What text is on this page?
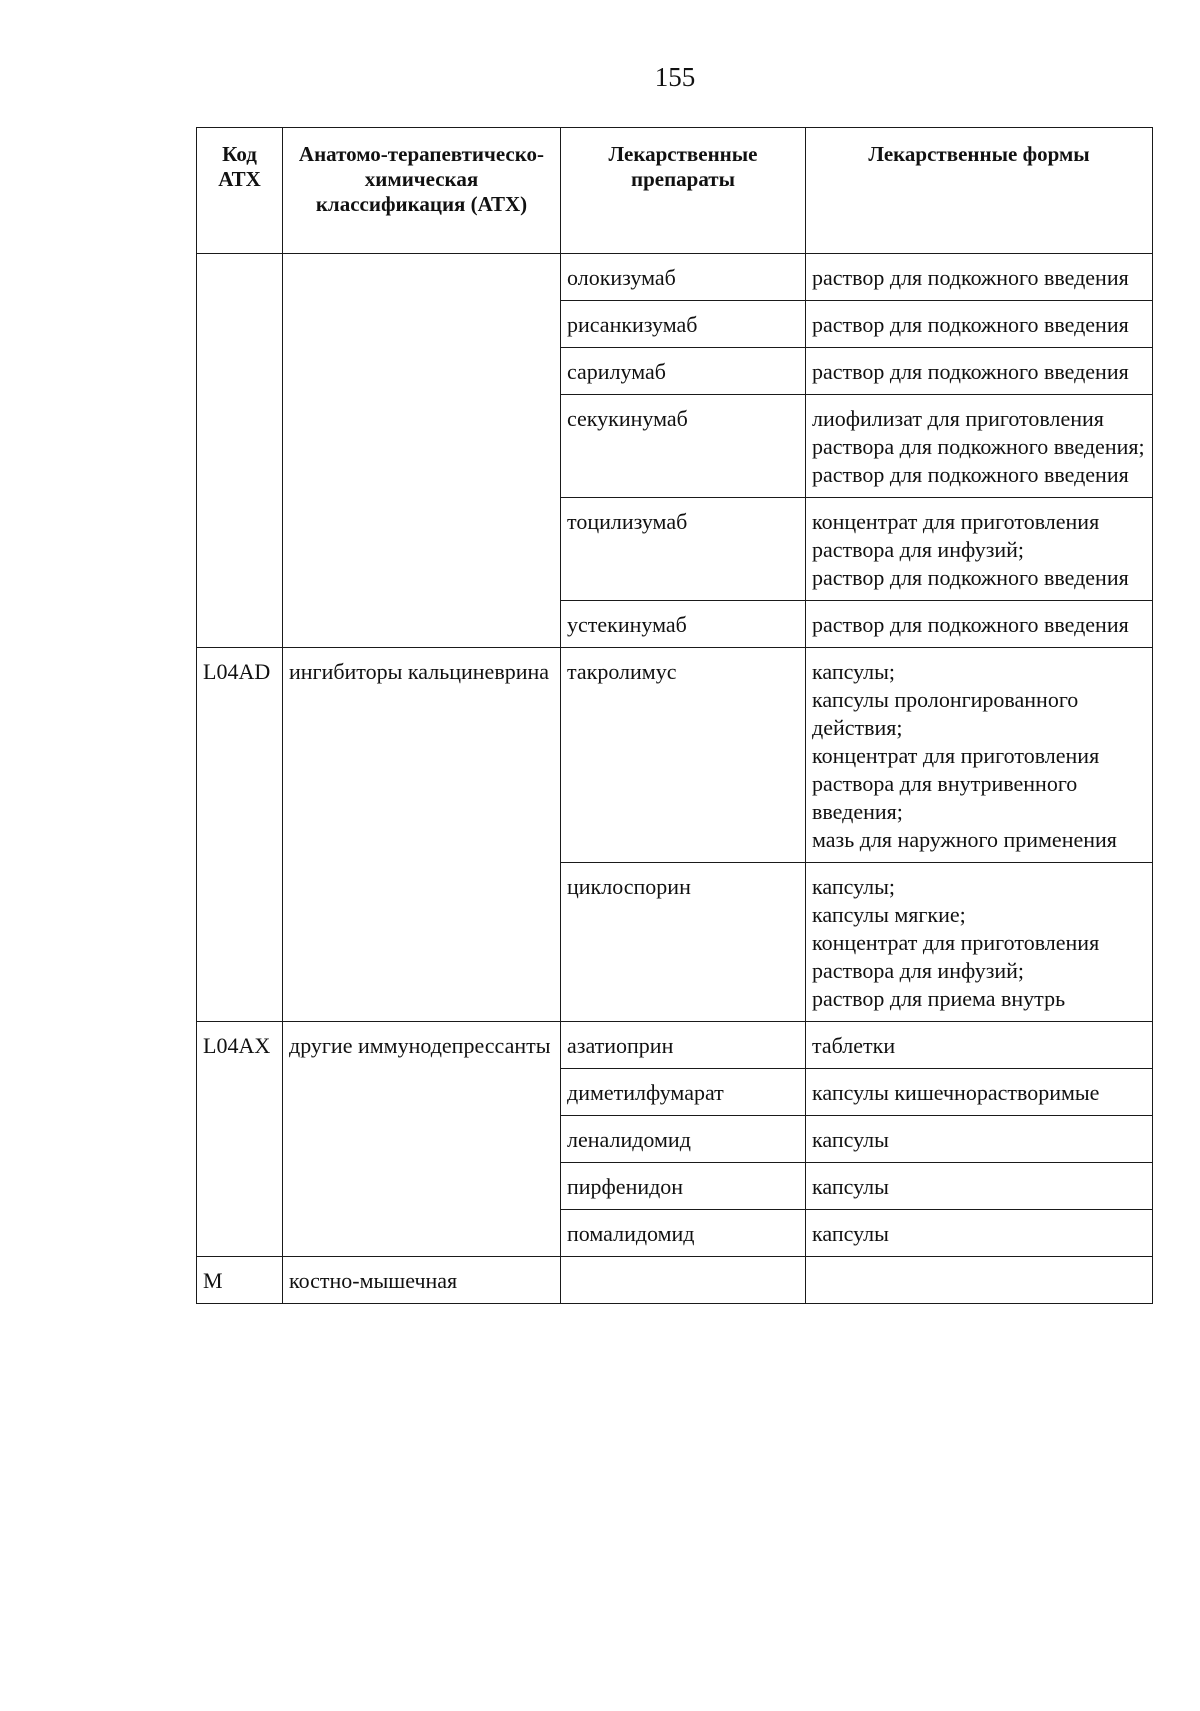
155
Код АТХ	Анатомо-терапевтическо-химическая классификация (АТХ)	Лекарственные препараты	Лекарственные формы
		олокизумаб	раствор для подкожного введения

		рисанкизумаб	раствор для подкожного введения

		сарилумаб	раствор для подкожного введения

		секукинумаб	лиофилизат для приготовления раствора для подкожного введения;
раствор для подкожного введения

		тоцилизумаб	концентрат для приготовления раствора для инфузий;
раствор для подкожного введения

		устекинумаб	раствор для подкожного введения

L04AD	ингибиторы кальциневрина	такролимус	капсулы;
капсулы пролонгированного действия;
концентрат для приготовления раствора для внутривенного введения;
мазь для наружного применения

		циклоспорин	капсулы;
капсулы мягкие;
концентрат для приготовления раствора для инфузий;
раствор для приема внутрь

L04AX	другие иммунодепрессанты	азатиоприн	таблетки

		диметилфумарат	капсулы кишечнорастворимые

		леналидомид	капсулы

		пирфенидон	капсулы

		помалидомид	капсулы

M	костно-мышечная		
